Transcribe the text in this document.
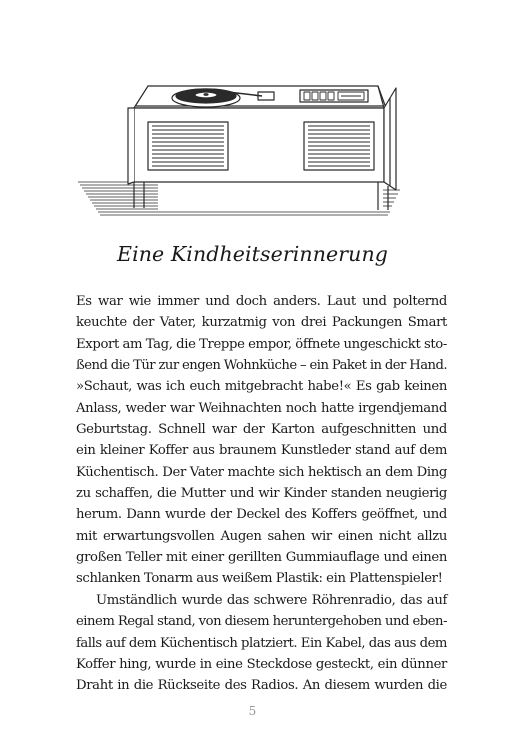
Eine Kindheitserinnerung
Es war wie immer und doch anders. Laut und polternd
keuchte der Vater, kurzatmig von drei Packungen Smart
Export am Tag, die Treppe empor, öffnete ungeschickt sto-
ßend die Tür zur engen Wohnküche – ein Paket in der Hand.
»Schaut, was ich euch mitgebracht habe!« Es gab keinen
Anlass, weder war Weihnachten noch hatte irgendjemand
Geburtstag. Schnell war der Karton aufgeschnitten und
ein kleiner Koffer aus braunem Kunstleder stand auf dem
Küchentisch. Der Vater machte sich hektisch an dem Ding
zu schaffen, die Mutter und wir Kinder standen neugierig
herum. Dann wurde der Deckel des Koffers geöffnet, und
mit erwartungsvollen Augen sahen wir einen nicht allzu
großen Teller mit einer gerillten Gummiauflage und einen
schlanken Tonarm aus weißem Plastik: ein Plattenspieler!
Umständlich wurde das schwere Röhrenradio, das auf
einem Regal stand, von diesem heruntergehoben und eben-
falls auf dem Küchentisch platziert. Ein Kabel, das aus dem
Koffer hing, wurde in eine Steckdose gesteckt, ein dünner
Draht in die Rückseite des Radios. An diesem wurden die
5
